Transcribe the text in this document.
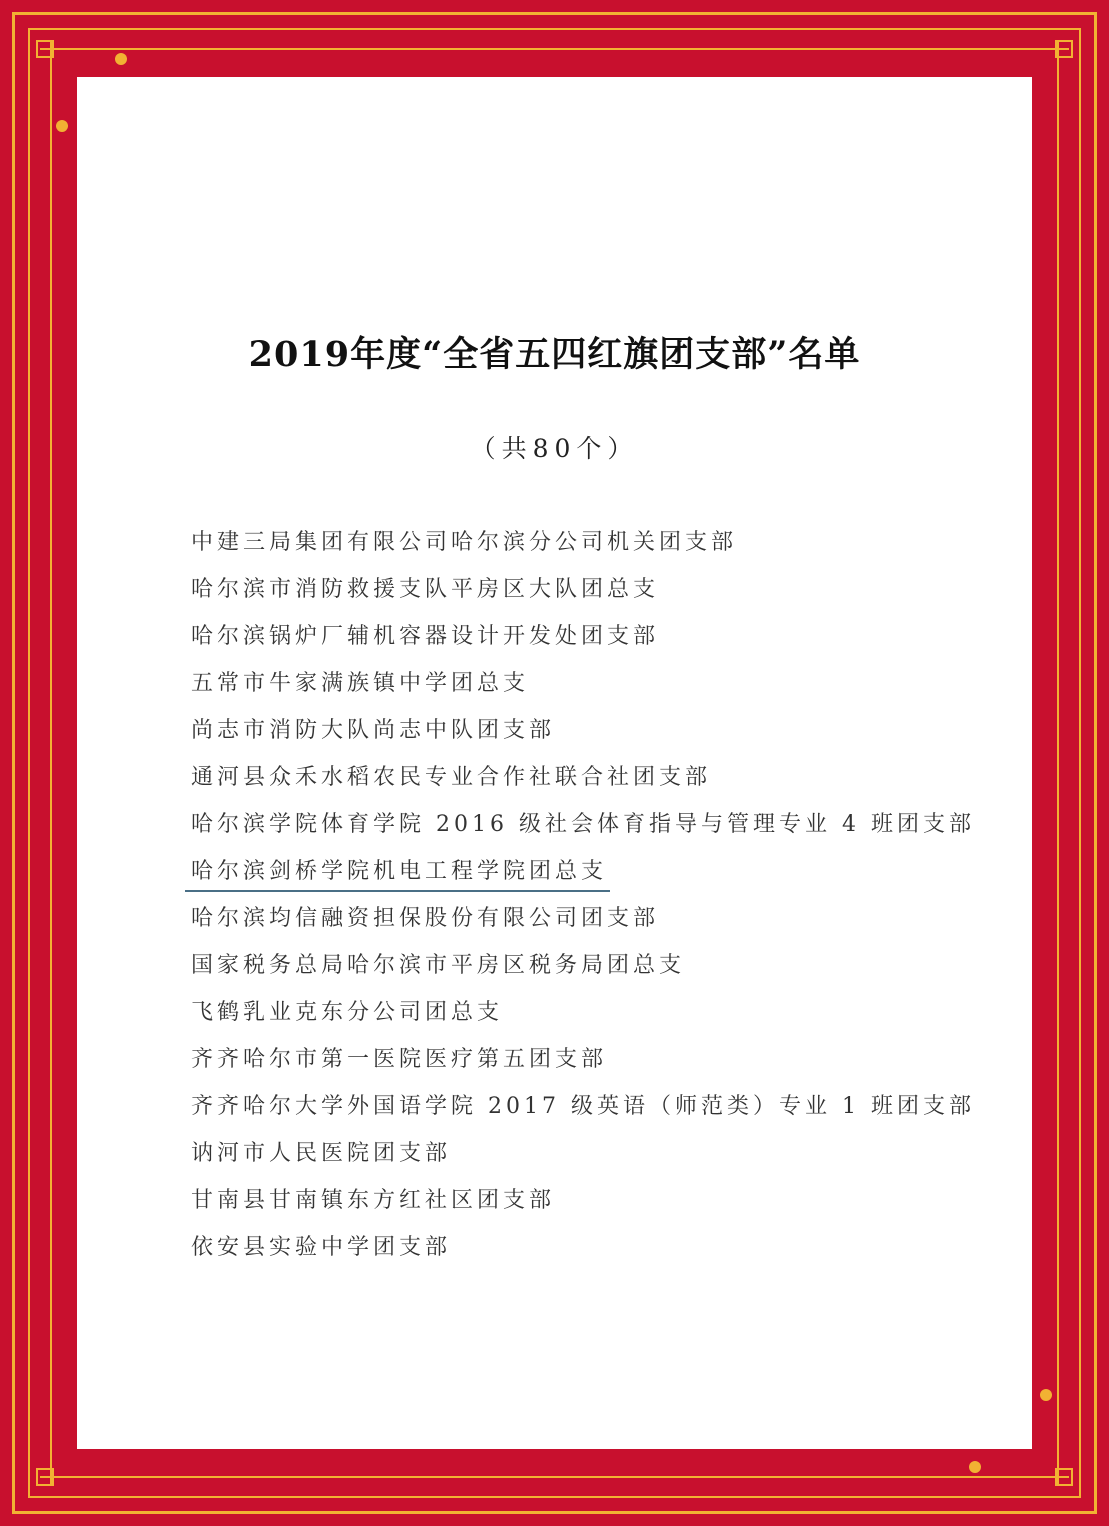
2019年度“全省五四红旗团支部”名单
（共80个）
中建三局集团有限公司哈尔滨分公司机关团支部
哈尔滨市消防救援支队平房区大队团总支
哈尔滨锅炉厂辅机容器设计开发处团支部
五常市牛家满族镇中学团总支
尚志市消防大队尚志中队团支部
通河县众禾水稻农民专业合作社联合社团支部
哈尔滨学院体育学院 2016 级社会体育指导与管理专业 4 班团支部
哈尔滨剑桥学院机电工程学院团总支
哈尔滨均信融资担保股份有限公司团支部
国家税务总局哈尔滨市平房区税务局团总支
飞鹤乳业克东分公司团总支
齐齐哈尔市第一医院医疗第五团支部
齐齐哈尔大学外国语学院 2017 级英语（师范类）专业 1 班团支部
讷河市人民医院团支部
甘南县甘南镇东方红社区团支部
依安县实验中学团支部
